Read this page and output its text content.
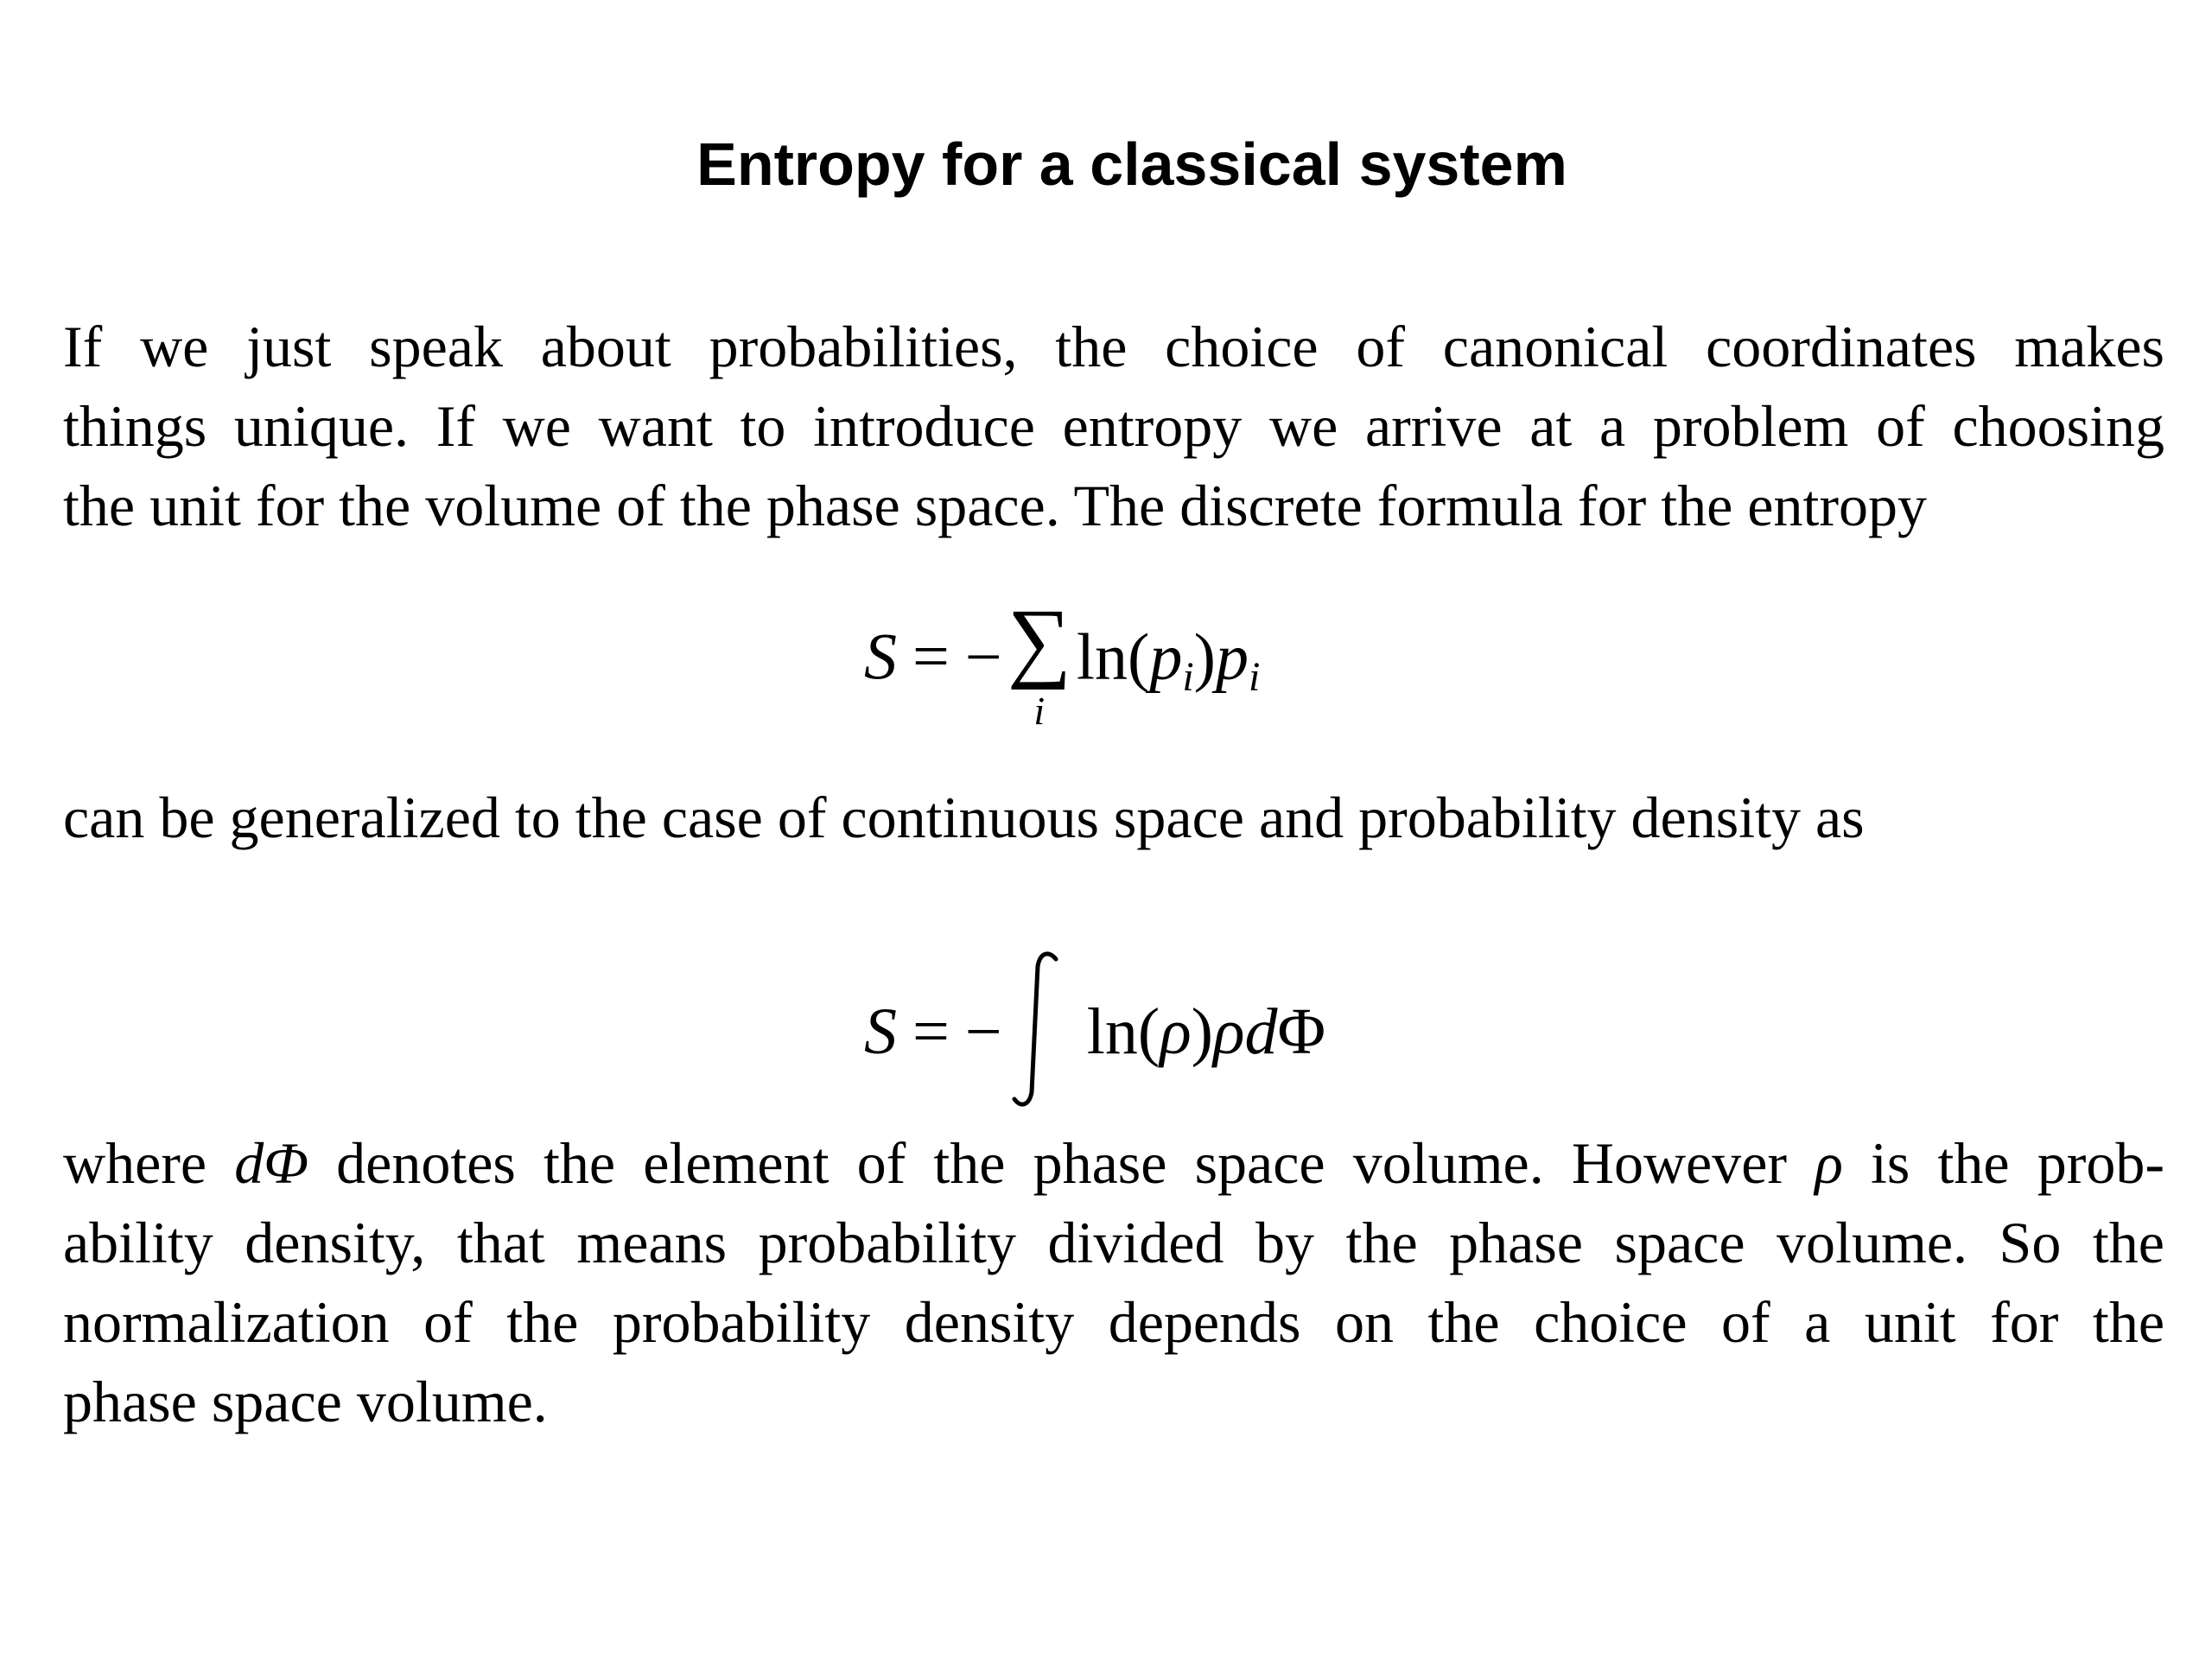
Entropy for a classical system
If we just speak about probabilities, the choice of canonical coordinates makes
things unique. If we want to introduce entropy we arrive at a problem of choosing
the unit for the volume of the phase space. The discrete formula for the entropy
S = − ∑
i
ln(pi)pi
can be generalized to the case of continuous space and probability density as
S = − ln(ρ)ρdΦ
where dΦ denotes the element of the phase space volume. However ρ is the prob-
ability density, that means probability divided by the phase space volume. So the
normalization of the probability density depends on the choice of a unit for the
phase space volume.
